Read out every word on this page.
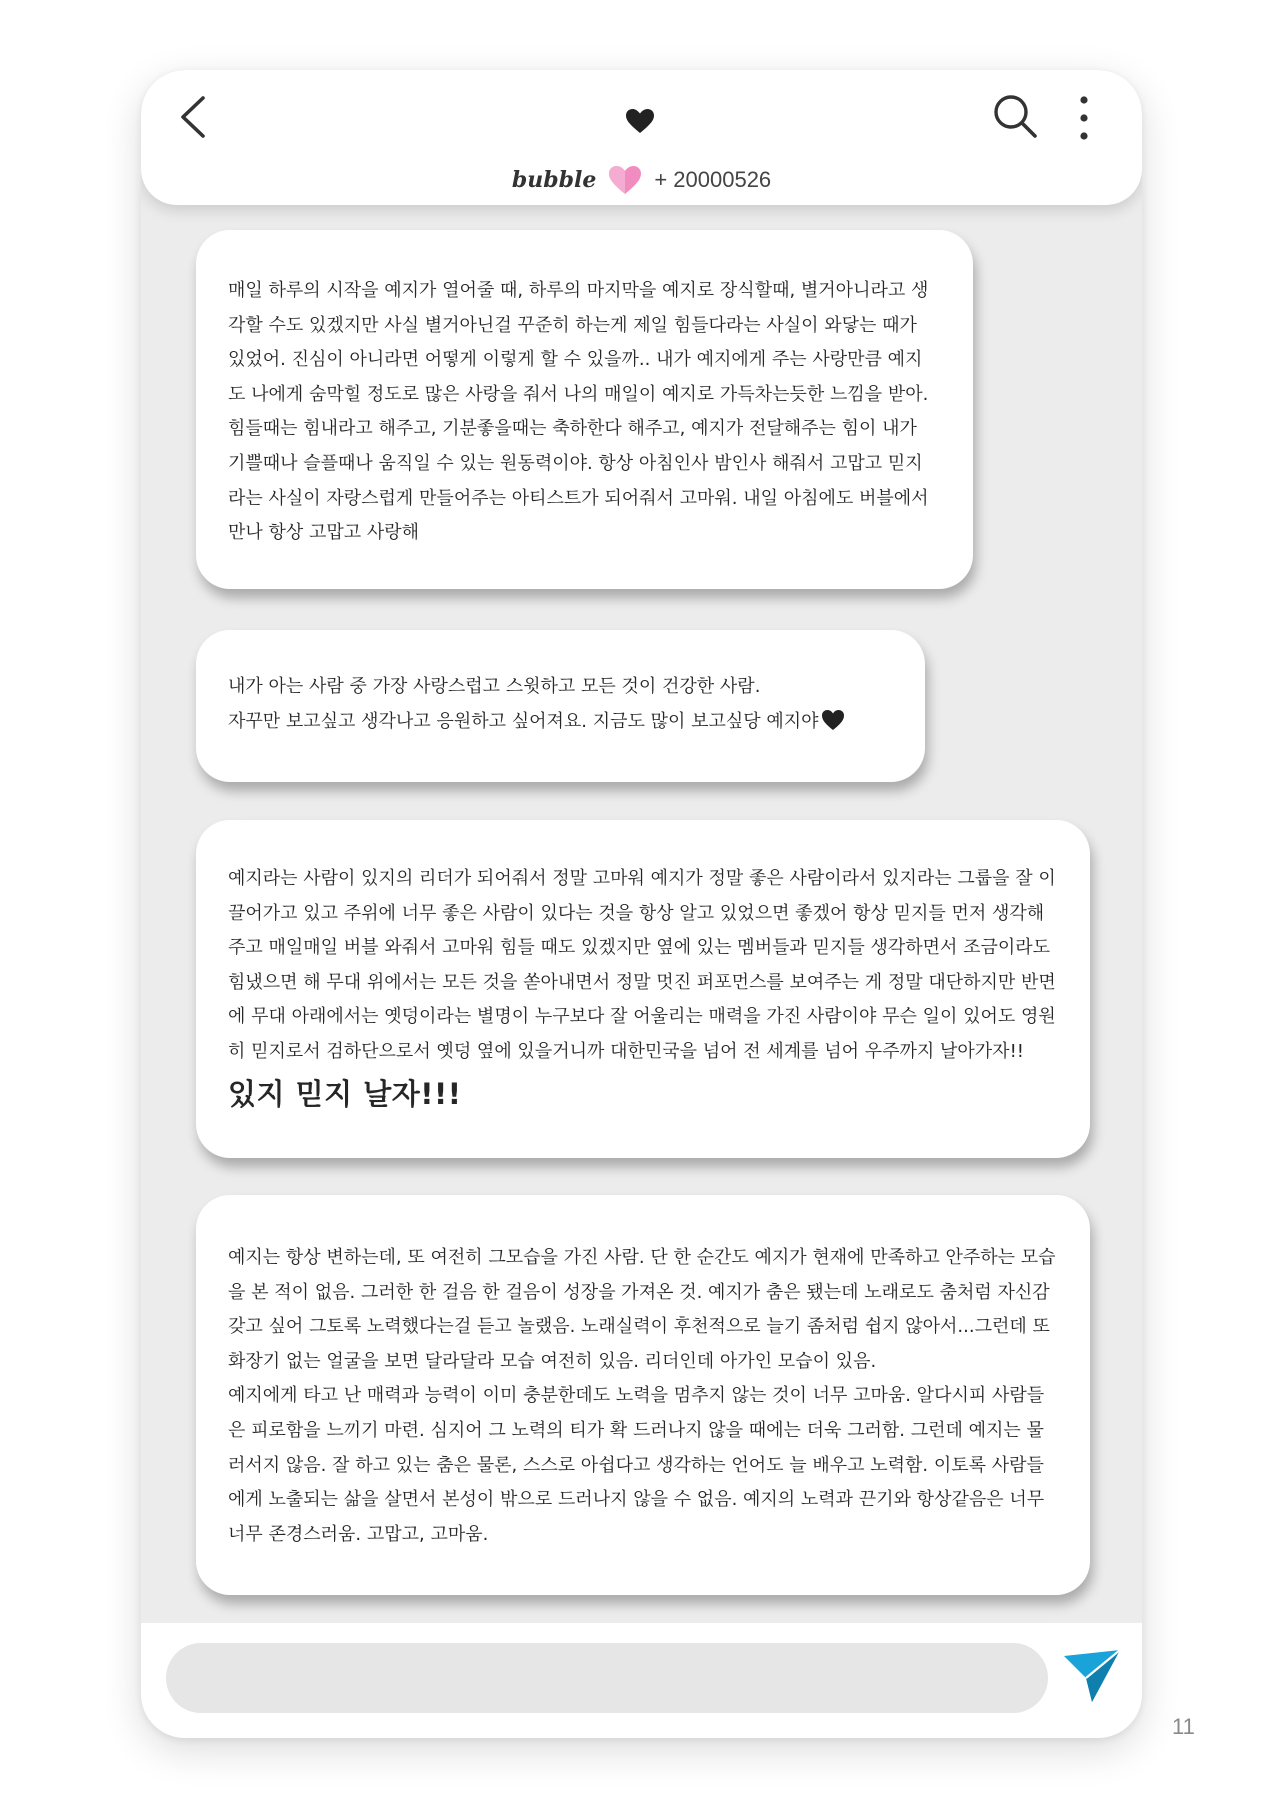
bubble	+ 20000526

매일 하루의 시작을 예지가 열어줄 때, 하루의 마지막을 예지로 장식할때, 별거아니라고 생각할 수도 있겠지만 사실 별거아닌걸 꾸준히 하는게 제일 힘들다라는 사실이 와닿는 때가 있었어. 진심이 아니라면 어떻게 이렇게 할 수 있을까.. 내가 예지에게 주는 사랑만큼 예지도 나에게 숨막힐 정도로 많은 사랑을 줘서 나의 매일이 예지로 가득차는듯한 느낌을 받아. 힘들때는 힘내라고 해주고, 기분좋을때는 축하한다 해주고, 예지가 전달해주는 힘이 내가 기쁠때나 슬플때나 움직일 수 있는 원동력이야. 항상 아침인사 밤인사 해줘서 고맙고 믿지라는 사실이 자랑스럽게 만들어주는 아티스트가 되어줘서 고마워. 내일 아침에도 버블에서 만나 항상 고맙고 사랑해

내가 아는 사람 중 가장 사랑스럽고 스윗하고 모든 것이 건강한 사람.

자꾸만 보고싶고 생각나고 응원하고 싶어져요. 지금도 많이 보고싶당 예지야

예지라는 사람이 있지의 리더가 되어줘서 정말 고마워 예지가 정말 좋은 사람이라서 있지라는 그룹을 잘 이끌어가고 있고 주위에 너무 좋은 사람이 있다는 것을 항상 알고 있었으면 좋겠어 항상 믿지들 먼저 생각해주고 매일매일 버블 와줘서 고마워 힘들 때도 있겠지만 옆에 있는 멤버들과 믿지들 생각하면서 조금이라도 힘냈으면 해 무대 위에서는 모든 것을 쏟아내면서 정말 멋진 퍼포먼스를 보여주는 게 정말 대단하지만 반면에 무대 아래에서는 옛덩이라는 별명이 누구보다 잘 어울리는 매력을 가진 사람이야 무슨 일이 있어도 영원히 믿지로서 검하단으로서 옛덩 옆에 있을거니까 대한민국을 넘어 전 세계를 넘어 우주까지 날아가자!!

있지 믿지 날자!!!

예지는 항상 변하는데, 또 여전히 그모습을 가진 사람. 단 한 순간도 예지가 현재에 만족하고 안주하는 모습을 본 적이 없음. 그러한 한 걸음 한 걸음이 성장을 가져온 것. 예지가 춤은 됐는데 노래로도 춤처럼 자신감 갖고 싶어 그토록 노력했다는걸 듣고 놀랬음. 노래실력이 후천적으로 늘기 좀처럼 쉽지 않아서...그런데 또 화장기 없는 얼굴을 보면 달라달라 모습 여전히 있음. 리더인데 아가인 모습이 있음.

예지에게 타고 난 매력과 능력이 이미 충분한데도 노력을 멈추지 않는 것이 너무 고마움. 알다시피 사람들은 피로함을 느끼기 마련. 심지어 그 노력의 티가 확 드러나지 않을 때에는 더욱 그러함. 그런데 예지는 물러서지 않음. 잘 하고 있는 춤은 물론, 스스로 아쉽다고 생각하는 언어도 늘 배우고 노력함. 이토록 사람들에게 노출되는 삶을 살면서 본성이 밖으로 드러나지 않을 수 없음. 예지의 노력과 끈기와 항상같음은 너무너무 존경스러움. 고맙고, 고마움.

11
